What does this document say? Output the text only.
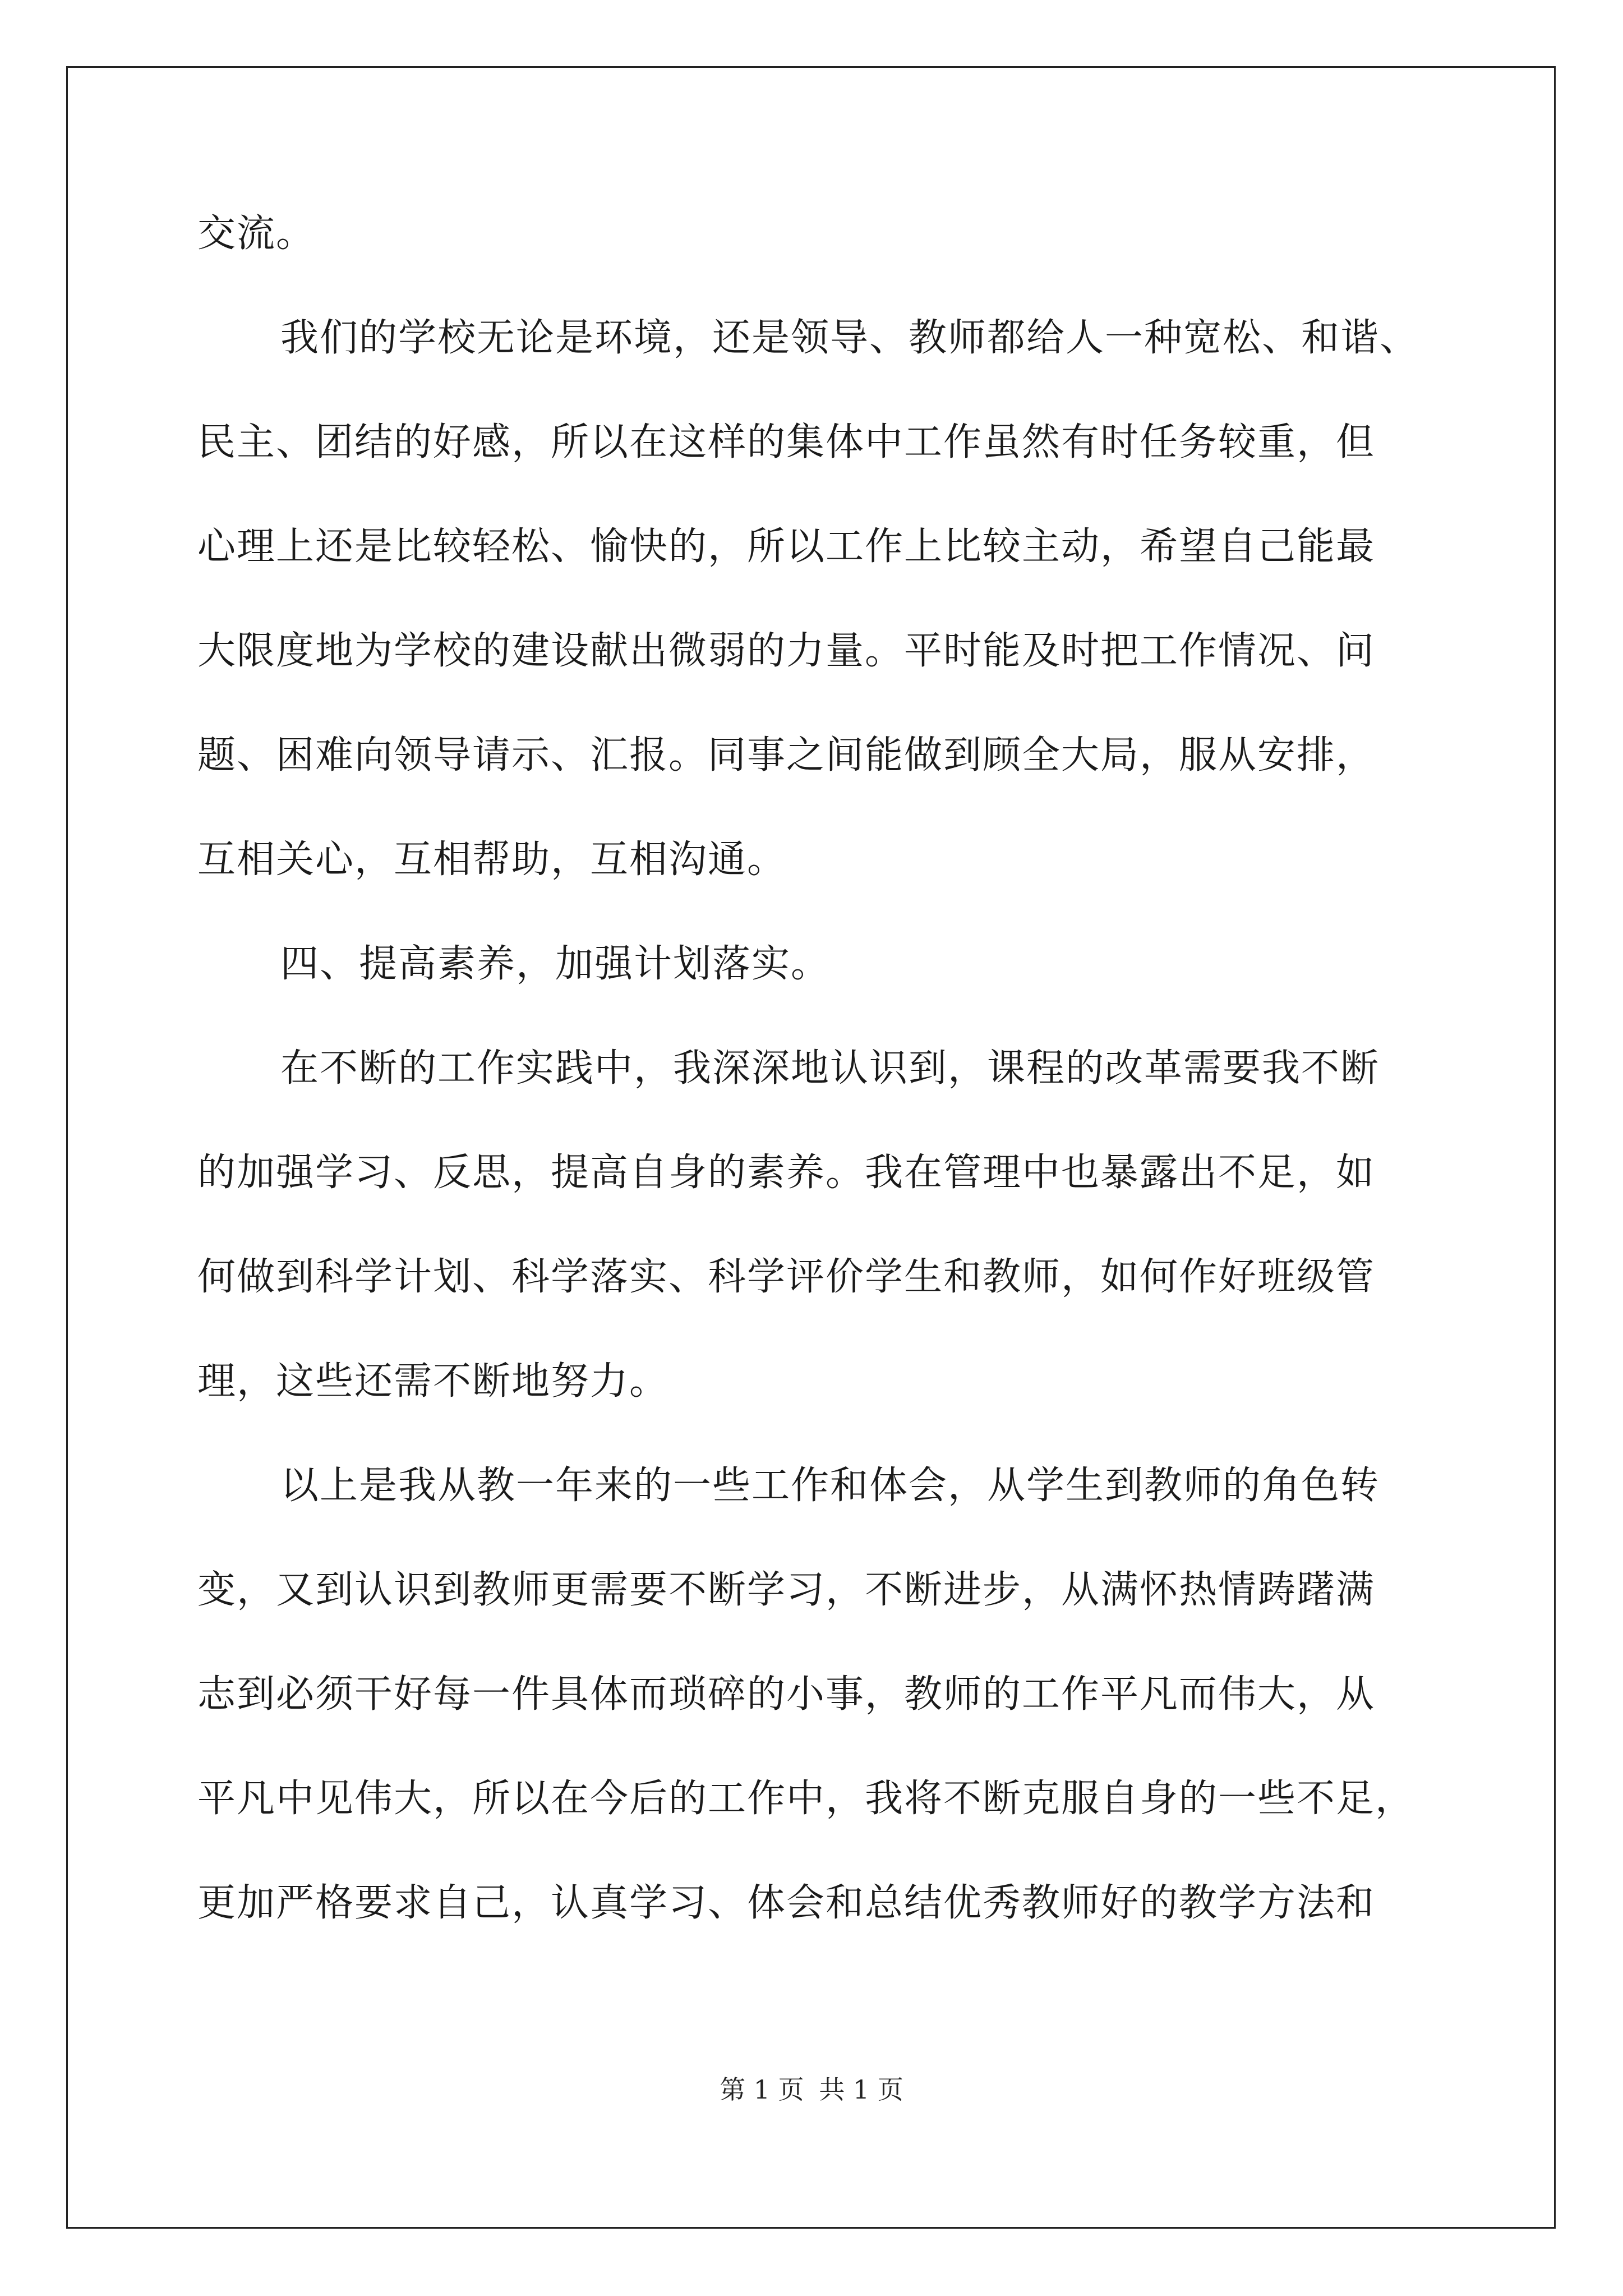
交流。
我们的学校无论是环境，还是领导、教师都给人一种宽松、和谐、
民主、团结的好感，所以在这样的集体中工作虽然有时任务较重，但
心理上还是比较轻松、愉快的，所以工作上比较主动，希望自己能最
大限度地为学校的建设献出微弱的力量。平时能及时把工作情况、问
题、困难向领导请示、汇报。同事之间能做到顾全大局，服从安排，
互相关心，互相帮助，互相沟通。
四、提高素养，加强计划落实。
在不断的工作实践中，我深深地认识到，课程的改革需要我不断
的加强学习、反思，提高自身的素养。我在管理中也暴露出不足，如
何做到科学计划、科学落实、科学评价学生和教师，如何作好班级管
理，这些还需不断地努力。
以上是我从教一年来的一些工作和体会，从学生到教师的角色转
变，又到认识到教师更需要不断学习，不断进步，从满怀热情踌躇满
志到必须干好每一件具体而琐碎的小事，教师的工作平凡而伟大，从
平凡中见伟大，所以在今后的工作中，我将不断克服自身的一些不足，
更加严格要求自己，认真学习、体会和总结优秀教师好的教学方法和
第 1 页 共 1 页
